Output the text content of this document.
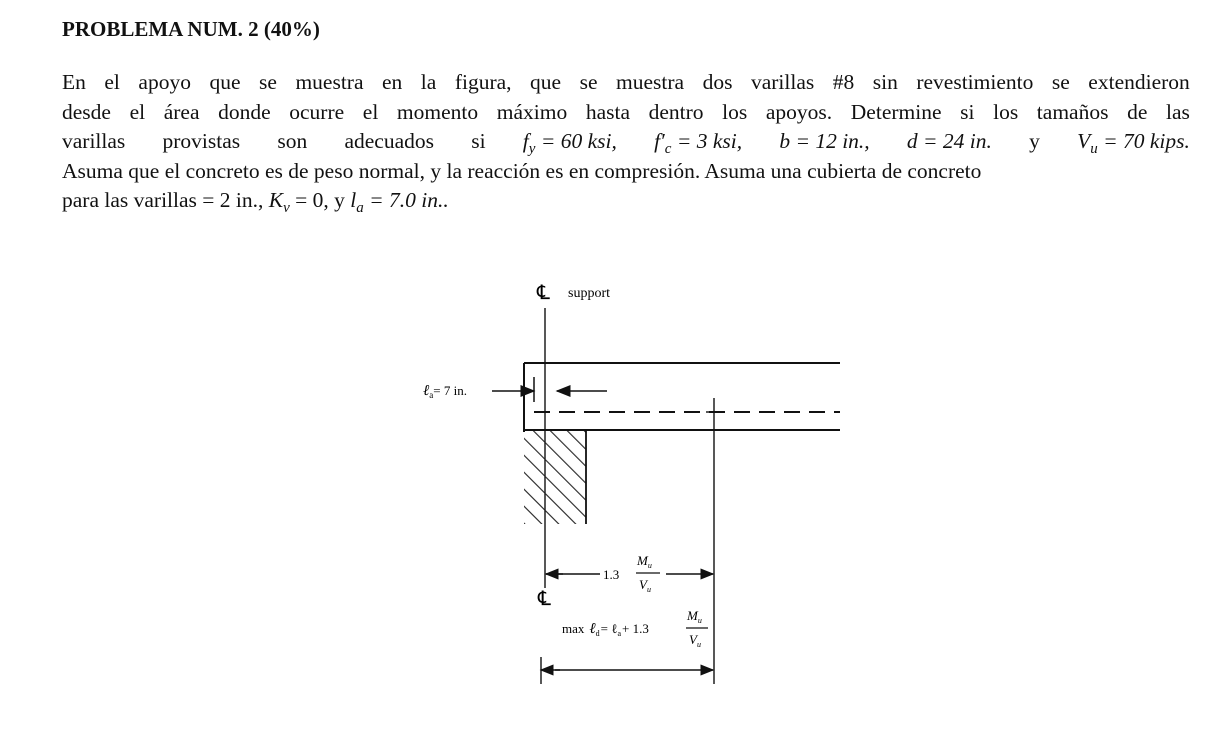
PROBLEMA NUM. 2 (40%)
En el apoyo que se muestra en la figura, que se muestra dos varillas #8 sin revestimiento se extendieron
desde el área donde ocurre el momento máximo hasta dentro los apoyos. Determine si los tamaños de las
varillas provistas son adecuados si $f_y = 60$ ksi, $f'_c = 3$ ksi, b = 12 in., d = 24 in. y $V_u = 70$ kips.
Asuma que el concreto es de peso normal, y la reacción es en compresión. Asuma una cubierta de concreto
para las varillas = 2 in., $K_v = 0$, y $l_a = 7.0$ in..
℄ support
ℓ$_a$= 7 in.
1.3
$M_u$
$V_u$
℄
max ℓ$_d$= ℓ$_a$+ 1.3
$M_u$
$V_u$
